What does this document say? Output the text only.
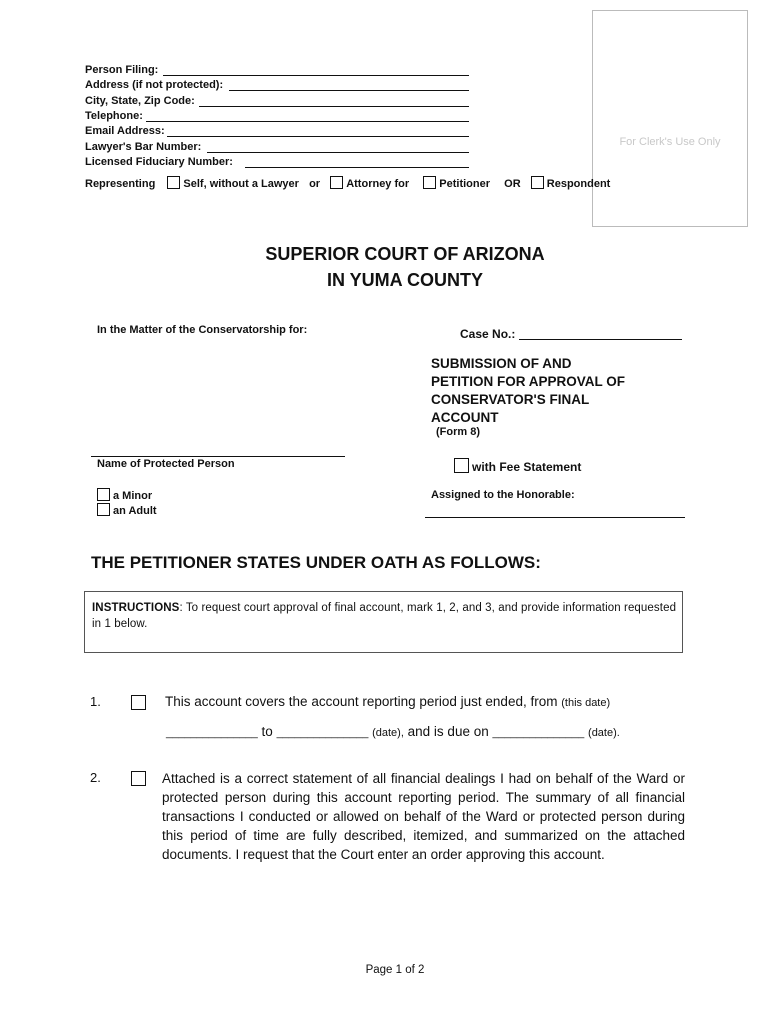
For Clerk's Use Only
Person Filing:
Address (if not protected):
City, State, Zip Code:
Telephone:
Email Address:
Lawyer's Bar Number:
Licensed Fiduciary Number:
Representing	Self, without a Lawyer or Attorney for	Petitioner OR Respondent
SUPERIOR COURT OF ARIZONA
IN YUMA COUNTY
In the Matter of the Conservatorship for:
Name of Protected Person
a Minor
an Adult
Case No.:
SUBMISSION OF AND
PETITION FOR APPROVAL OF
CONSERVATOR'S FINAL
ACCOUNT
(Form 8)
with Fee Statement
Assigned to the Honorable:
THE PETITIONER STATES UNDER OATH AS FOLLOWS:
INSTRUCTIONS: To request court approval of final account, mark 1, 2, and 3, and provide information requested in 1 below.
1.	This account covers the account reporting period just ended, from (this date)
_______________ to _______________ (date), and is due on _______________ (date).
2.	Attached is a correct statement of all financial dealings I had on behalf of the Ward or protected person during this account reporting period. The summary of all financial transactions I conducted or allowed on behalf of the Ward or protected person during this period of time are fully described, itemized, and summarized on the attached documents. I request that the Court enter an order approving this account.
Page 1 of 2
